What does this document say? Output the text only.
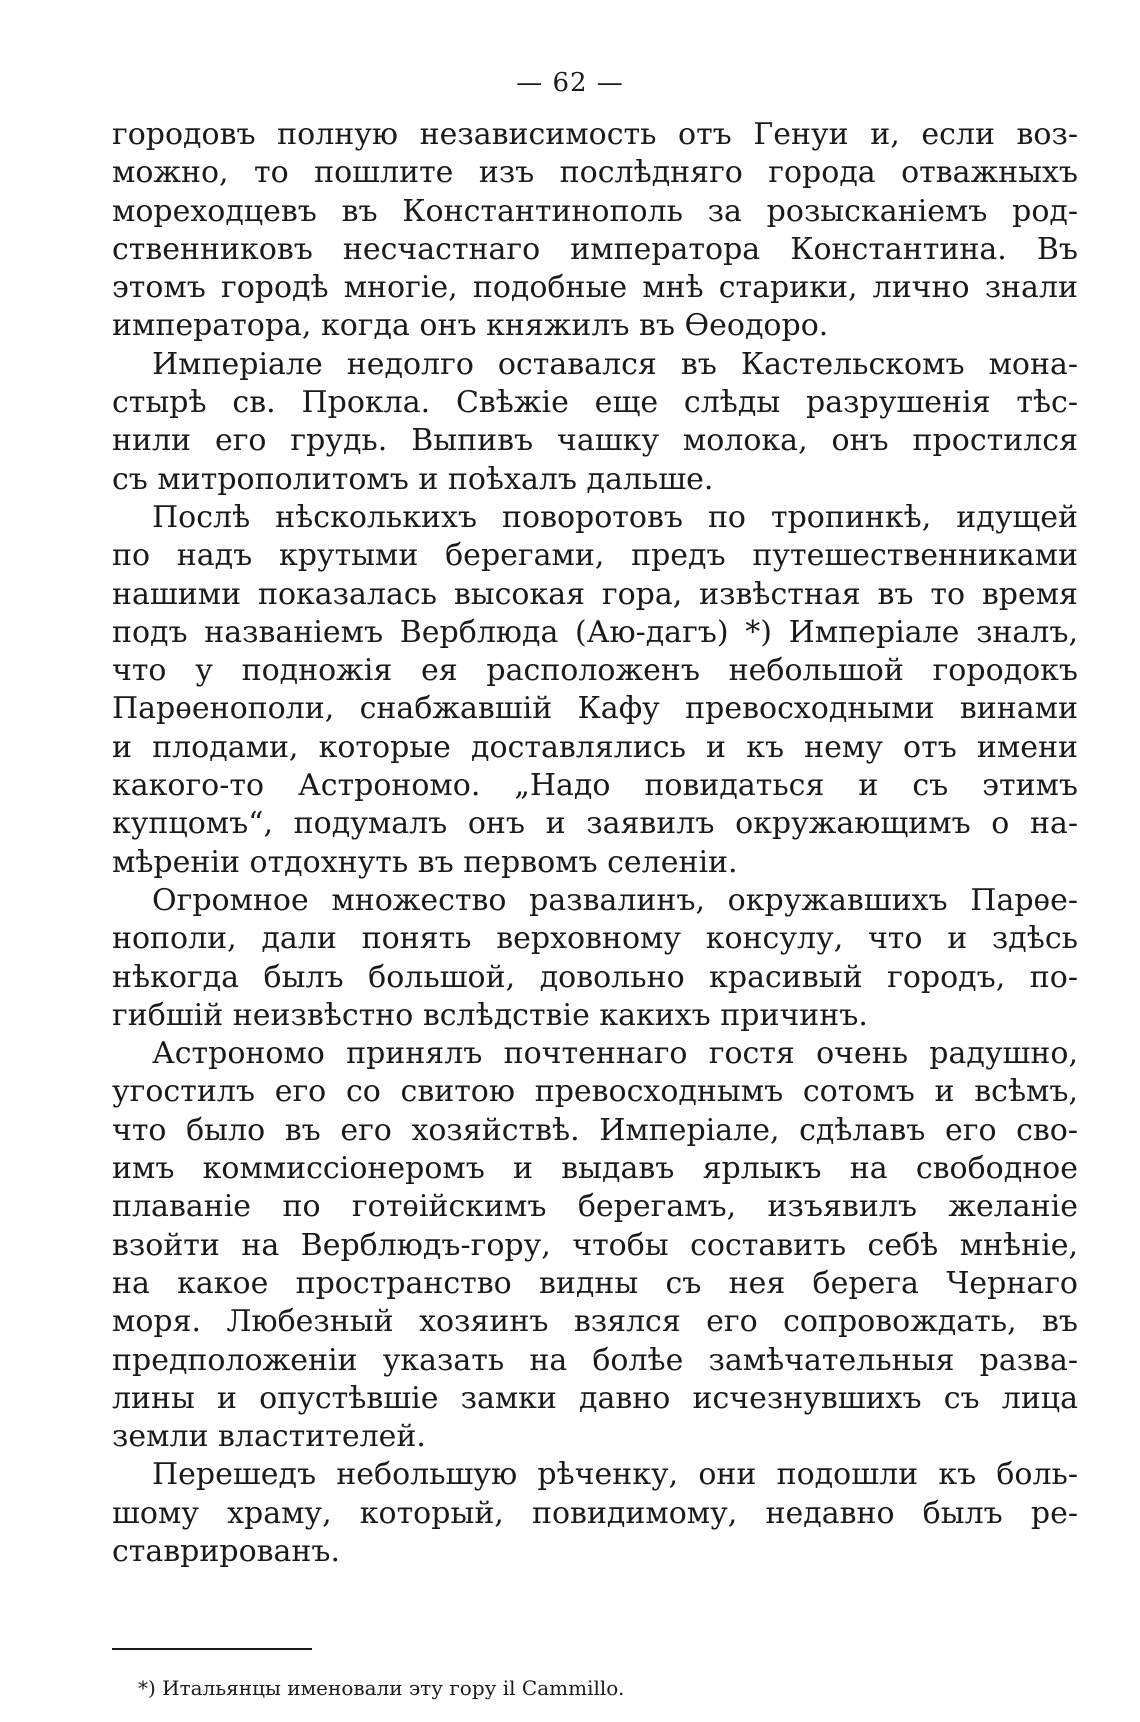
— 62 —
городовъ полную независимость отъ Генуи и, если воз-
можно, то пошлите изъ послѣдняго города отважныхъ
мореходцевъ въ Константинополь за розысканіемъ род-
ственниковъ несчастнаго императора Константина. Въ
этомъ городѣ многіе, подобные мнѣ старики, лично знали
императора, когда онъ княжилъ въ Өеодоро.
Имперіале недолго оставался въ Кастельскомъ мона-
стырѣ св. Прокла. Свѣжіе еще слѣды разрушенія тѣс-
нили его грудь. Выпивъ чашку молока, онъ простился
съ митрополитомъ и поѣхалъ дальше.
Послѣ нѣсколькихъ поворотовъ по тропинкѣ, идущей
по надъ крутыми берегами, предъ путешественниками
нашими показалась высокая гора, извѣстная въ то время
подъ названіемъ Верблюда (Аю-дагъ) *) Имперіале зналъ,
что у подножія ея расположенъ небольшой городокъ
Парѳенополи, снабжавшій Кафу превосходными винами
и плодами, которые доставлялись и къ нему отъ имени
какого-то Астрономо. „Надо повидаться и съ этимъ
купцомъ“, подумалъ онъ и заявилъ окружающимъ о на-
мѣреніи отдохнуть въ первомъ селеніи.
Огромное множество развалинъ, окружавшихъ Парѳе-
нополи, дали понять верховному консулу, что и здѣсь
нѣкогда былъ большой, довольно красивый городъ, по-
гибшій неизвѣстно вслѣдствіе какихъ причинъ.
Астрономо принялъ почтеннаго гостя очень радушно,
угостилъ его со свитою превосходнымъ сотомъ и всѣмъ,
что было въ его хозяйствѣ. Имперіале, сдѣлавъ его сво-
имъ коммиссіонеромъ и выдавъ ярлыкъ на свободное
плаваніе по готѳійскимъ берегамъ, изъявилъ желаніе
взойти на Верблюдъ-гору, чтобы составить себѣ мнѣніе,
на какое пространство видны съ нея берега Чернаго
моря. Любезный хозяинъ взялся его сопровождать, въ
предположеніи указать на болѣе замѣчательныя разва-
лины и опустѣвшіе замки давно исчезнувшихъ съ лица
земли властителей.
Перешедъ небольшую рѣченку, они подошли къ боль-
шому храму, который, повидимому, недавно былъ ре-
ставрированъ.
*) Итальянцы именовали эту гору il Cammillo.
